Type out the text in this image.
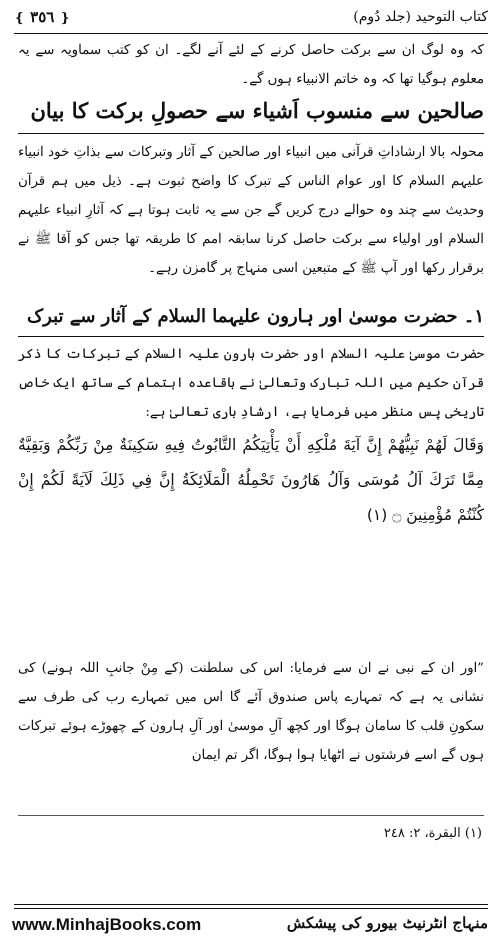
❴ ٣٥٦ ❵	کتاب التوحید (جلد دُوم)

کہ وہ لوگ ان سے برکت حاصل کرنے کے لئے آنے لگے۔ ان کو کتب سماویہ سے یہ معلوم ہوگیا تھا کہ وہ خاتم الانبیاء ہوں گے۔

صالحین سے منسوب اَشیاء سے حصولِ برکت کا بیان

محولہ بالا ارشاداتِ قرآنی میں انبیاء اور صالحین کے آثار وتبرکات سے بذاتِ خود انبیاء علیہم السلام کا اور عوام الناس کے تبرک کا واضح ثبوت ہے۔ ذیل میں ہم قرآن وحدیث سے چند وہ حوالے درج کریں گے جن سے یہ ثابت ہوتا ہے کہ آثارِ انبیاء علیہم السلام اور اولیاء سے برکت حاصل کرنا سابقہ امم کا طریقہ تھا جس کو آقا ﷺ نے برقرار رکھا اور آپ ﷺ کے متبعین اسی منہاج پر گامزن رہے۔

۱۔ حضرت موسیٰ اور ہارون علیہما السلام کے آثار سے تبرک

حضرت موسیٰ علیہ السلام اور حضرت ہارون علیہ السلام کے تبرکات کا ذکر قرآن حکیم میں اللہ تبارک وتعالیٰ نے باقاعدہ اہتمام کے ساتھ ایک خاص تاریخی پس منظر میں فرمایا ہے، ارشادِ باری تعالیٰ ہے:

وَقَالَ لَهُمْ نَبِيُّهُمْ إِنَّ آيَةَ مُلْكِهِ أَنْ يَأْتِيَكُمُ التَّابُوتُ فِيهِ سَكِينَةٌ مِنْ رَبِّكُمْ وَبَقِيَّةٌ مِمَّا تَرَكَ آلُ مُوسَى وَآلُ هَارُونَ تَحْمِلُهُ الْمَلَائِكَةُ إِنَّ فِي ذَلِكَ لَآيَةً لَكُمْ إِنْ كُنْتُمْ مُؤْمِنِينَ ۝ (١)

”اور ان کے نبی نے ان سے فرمایا: اس کی سلطنت (کے مِنْ جانبِ اللہ ہونے) کی نشانی یہ ہے کہ تمہارے پاس صندوق آئے گا اس میں تمہارے رب کی طرف سے سکونِ قلب کا سامان ہوگا اور کچھ آلِ موسیٰ اور آلِ ہارون کے چھوڑے ہوئے تبرکات ہوں گے اسے فرشتوں نے اٹھایا ہوا ہوگا، اگر تم ایمان

(١) البقرة، ٢: ٢٤٨
www.MinhajBooks.com	منہاج انٹرنیٹ بیورو کی پیشکش
